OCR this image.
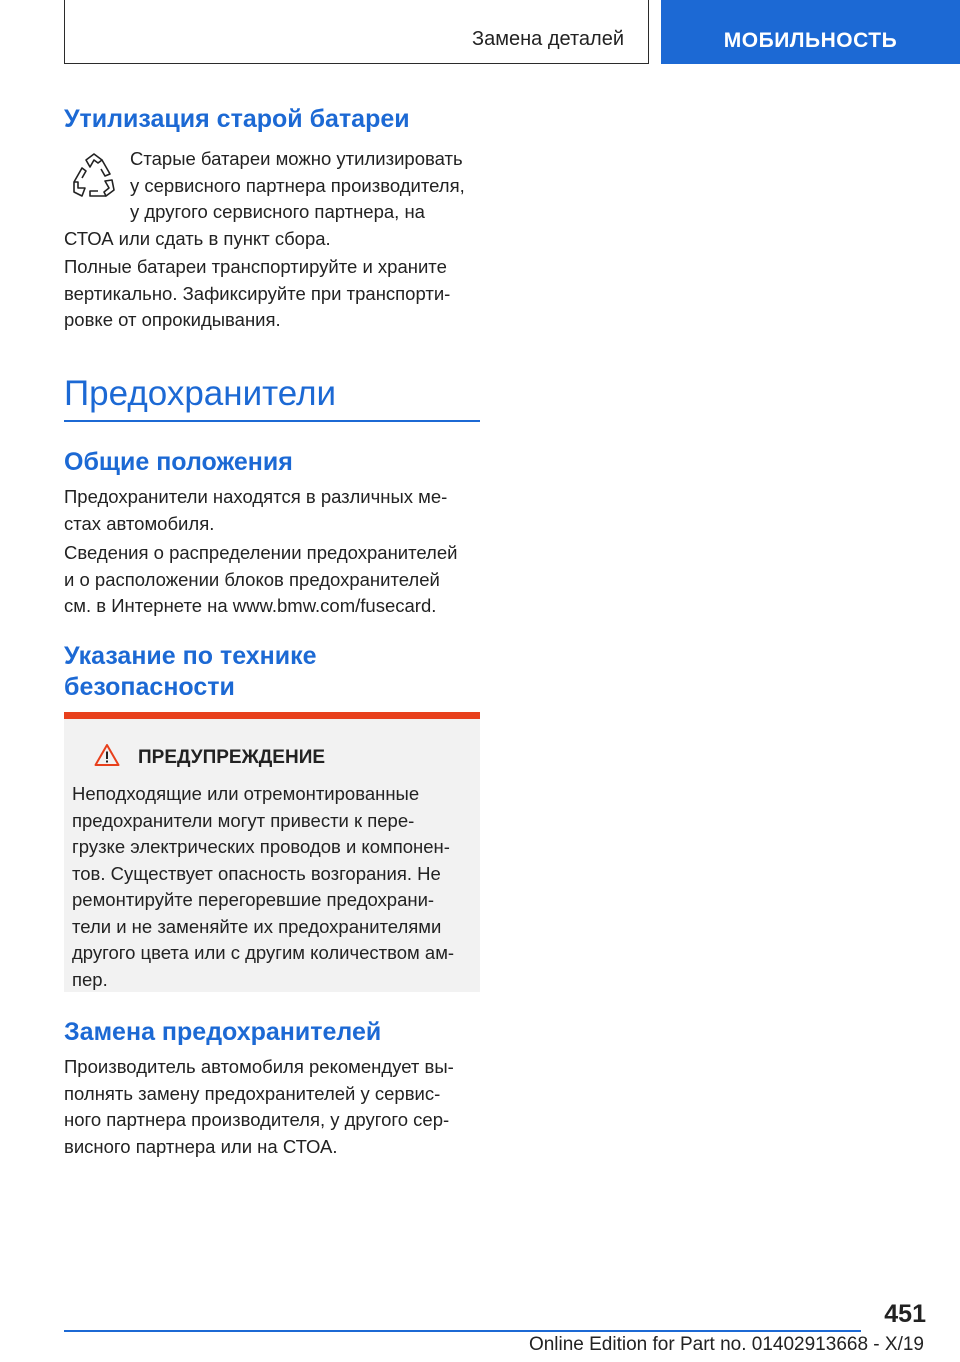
Замена деталей	МОБИЛЬНОСТЬ
Утилизация старой батареи

Старые батареи можно утилизировать

у сервисного партнера производителя,

у другого сервисного партнера, на

СТОА или сдать в пункт сбора.

Полные батареи транспортируйте и храните

вертикально. Зафиксируйте при транспорти-

ровке от опрокидывания.

Предохранители
Общие положения

Предохранители находятся в различных ме-

стах автомобиля.

Сведения о распределении предохранителей

и о расположении блоков предохранителей

см. в Интернете на www.bmw.com/fusecard.

Указание по технике
безопасности
ПРЕДУПРЕЖДЕНИЕ

Неподходящие или отремонтированные

предохранители могут привести к пере-

грузке электрических проводов и компонен-

тов. Существует опасность возгорания. Не

ремонтируйте перегоревшие предохрани-

тели и не заменяйте их предохранителями

другого цвета или с другим количеством ам-

пер.

Замена предохранителей

Производитель автомобиля рекомендует вы-

полнять замену предохранителей у сервис-

ного партнера производителя, у другого сер-

висного партнера или на СТОА.

451
Online Edition for Part no. 01402913668 - X/19
